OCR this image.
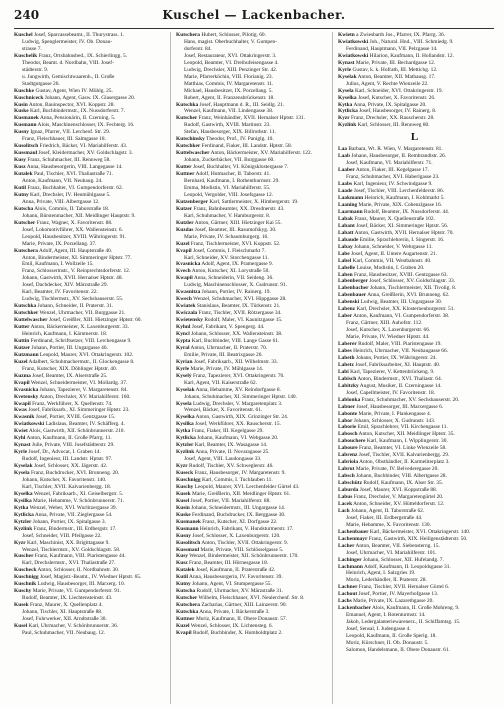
240	Kuschel — Lackenbacher.
Kuschel Josef, Sparcassebeamt., II. Thurystrass. 1.
Ludwig, Spenglermeister, IV. Ob. Donau-
strasse 7.
Kuschelik Franz, Ortsbahnsbed., IX. Schierlingg. 5.
Theodor, Beamt. d. Nordbahn, VIII. Josef-
städterstr. 9.
u. Jungwirth, Gemischtwaarenh., II. Große
Stadtgutgasse 26.
Kuschke Gustav, Agent, Wien IV. Mühlg. 25.
Kuschniceck Johann, Agent, Gasw. IX. Glasergasse 20.
Kusin Anton, Bauinspector, XVI. Koppstr. 28.
Kuske Karl, Buchbindermstr., IX. Nussdorferstr. 7.
Kusmanek Anna, Pensionärin, II. Czerning. 5.
Kusmann Alois, Maschinenschlosser, IX. Fechterg. 16.
Kusny Ignaz, Pfarrer, VII. Lerchenf. Str. 29.
Franz, Fleischhauer, III. Salmgasse 18.
Kusolitsch Friedrich, Bäcker, VI. Mariahilferstr. 43.
Kussmaul Josef, Kleidermacher, XV. Goldschlagstr. 3.
Kusy Franz, Schuhmacher, III. Rennweg 58.
Kusz Anna, Hausbesorgerin, VIII. Langegasse 14.
Kutalek Paul, Tischler, XVI. Thaliastraße 71.
Anton, Kaufmann, VII. Neubaug. 24.
Kutil Franz, Buchhalter, VI. Gumpendorferstr. 62.
Kutny Karl, Drechsler, IV. Heumühlgasse 5.
Anna, Private, VIII. Albertgasse 12.
Kutscha Alois, Commis, II. Taborstraße 18.
Johann, Bürstenmacher, XII. Meidlinger Hauptstr. 9.
Kutscher Franz, Wagner, X. Favoritenstr. 88.
Josef, Lokomotivführer, XX. Wallensteinstr. 6.
Leopold, Hausbesitzer, XVIII. Währingerstr. 91.
Marie, Private, IX. Porzellang. 37.
Kutschera Adolf, Agent, III. Hauptstraße 40.
Anton, Bindermeister, XI. Simmeringer Hptstr. 77.
Emil, Kaufmann, I. Wollzeile 15.
Franz, Schlossermstr., V. Reinprechtsdorferstr. 12.
Johann, Gastwirth, XVII. Hernalser Hptstr. 48.
Josef, Dachdecker, XIV. Märzstraße 29.
Karl, Beamter, IV. Favoritenstr. 22.
Ludwig, Tischlermstr., XV. Sechshauserstr. 55.
Kutschka Johann, Schneider, II. Praterstr. 31.
Kutschker Wenzel, Uhrmacher, VII. Burggasse 21.
Kuttelwascher Josef, Greißler, XIII. Hietzinger Hptstr. 60.
Kutter Anton, Bäckermeister, X. Laxenburgerstr. 33.
Heinrich, Kaufmann, I. Kärntnerstr. 18.
Kuttin Ferdinand, Schriftsetzer, VIII. Lerchengasse 9.
Kutzer Johann, Portier, III. Ungargasse 46.
Kutzmann Leopold, Maurer, XVI. Ottakringerstr. 102.
Kuzel Adalbert, Schuhmachermstr., II. Glockengasse 8.
Franz, Kutscher, XIX. Döblinger Hptstr. 40.
Kuzma Josef, Beamter, IX. Alserstraße 25.
Kvapil Wenzel, Schneidermeister, VI. Mollardg. 37.
Kvasnicka Johann, Tapezierer, V. Margaretenstr. 84.
Kvetensky Anton, Drechsler, XV. Mariahilferstr. 160.
Kwapil Franz, Werkführer, X. Quellenstr. 74.
Kwas Josef, Fabriksarb., XI. Simmeringer Hptstr. 23.
Kwasnik Josef, Portier, XVIII. Gentzgasse 15.
Kwiatkowski Ladislaus, Beamter, IV. Schäfferg. 4.
Kwiet Alois, Gastwirth, XII. Schönbrunnerstr. 210.
Kyhl Anton, Kaufmann, II. Große Pfarrg. 11.
Kynast Julie, Private, VIII. Josefstädterstr. 29.
Kyrle Josef, Dr., Advocat, I. Graben 14.
Rudolf, Ingenieur, III. Landstr. Hptstr. 97.
Kyselak Josef, Schlosser, XX. Jägerstr. 42.
Kysela Franz, Buchdrucker, XVI. Brunneng. 20.
Johann, Kutscher, X. Favoritenstr. 140.
Karl, Tischler, XVII. Kalvarienbergg. 18.
Kyselka Wenzel, Fabriksarb., XI. Geiselbergstr. 5.
Kysilka Marie, Hebamme, V. Schönbrunnerstr. 71.
Kytka Wenzel, Weber, XVI. Wurlitzergasse 39.
Kytlicka Anna, Private, VII. Zieglergasse 54.
Kytzler Johann, Portier, IX. Spitalgasse 3.
Kyzlink Franz, Bindermstr., III. Erdbergstr. 17.
Josef, Schneider, VIII. Pfeilgasse 22.
Kyzr Karl, Maschinist, XX. Brigittagasse 9.
Wenzel, Tischlermstr., XV. Goldschlagstr. 58.
Kuscher Franz, Kaufmann, VIII. Piaristengasse 44.
Karl, Drechslermstr., XVI. Thaliastraße 27.
Kuscheck Anton, Schlosser, II. Nordbahnstr. 30.
Kuschnigg Josef, Magistr.-Beamt., IV. Wiedner Hptstr. 65.
Kuschnik Ludwig, Hausbesorger, III. Marxerg. 10.
Kuschy Marie, Private, VI. Gumpendorferstr. 91.
Rudolf, Beamter, IX. Liechtensteinstr. 43.
Kusek Franz, Maurer, X. Quellenplatz 4.
Johann, Tischler, XI. Hauptstraße 88.
Josef, Fuhrwerker, XII. Arndtstraße 30.
Kusel Karl, Uhrmacher, V. Schönbrunnerstr. 36.
Paul, Schuhmacher, VII. Neubaug. 12.
Kutschera Hubert, Schlosser, Pilotig. 60.
Hans, magist. Oberbuchhalter, V. Gumpen-
dorferstr. 84.
Josef, Restaurateur, XVI. Ottakringerstr. 3.
Leopold, Beamter, VI. Dreihufeisengasse 4.
Ludwig, Drechsler, XIII. Penzinger Str. 42.
Marie, Pfarrerköchin, VIII. Florianig. 23.
Matthias, Commis, IV. Margaretenstr. 11.
Michael, Hausbesitzer, IX. Porzellang. 5.
Robert, Agent, II. Franzensbrückenstr. 18.
Kutschka Josef, Hauptmann d. R., III. Seidlg. 21.
Wenzel, Kaufmann, VII. Lindengasse 38.
Kutscher Franz, Weinhändler, XVII. Hernalser Hptstr. 131.
Rudolf, Gastwirth, XVIII. Martinstr. 23.
Stefan, Hausbesorger, XIX. Billrothstr. 11.
Kutschinsky Theodor, Prof., IV. Paniglg. 10.
Kutschker Ferdinand, Fiaker, III. Landstr. Hptstr. 58.
Kuttelwascher Anton, Bäckermeister, XV. Mariahilferstr. 122.
Johann, Zuckerbäcker, VII. Burggasse 60.
Kutter Josef, Buchhalter, VI. Königsklostergasse 7.
Kuttner Adolf, Hutmacher, II. Taborstr. 41.
Bernhard, Kaufmann, I. Rothenthurmstr. 29.
Emma, Modistin, VI. Mariahilferstr. 55.
Leopold, Vergolder, VIII. Josefsgasse 12.
Kutzenberger Karl, Sattlermeister, X. Himbergerstr. 19.
Kutzer Franz, Bahnbeamter, XX. Dresdnerstr. 43.
Karl, Schuhmacher, V. Hamburgerstr. 8.
Kutzler Anton, Gärtner, XIII. Hietzinger Kai 55.
Kuzdas Josef, Beamter, III. Rasumofskyg. 30.
Marie, Private, IV. Schaumburgerg. 16.
Kuzel Franz, Tischlermeister, XVI. Koppstr. 52.
Kvapil Josef, Commis, I. Fleischmarkt 7.
Karl, Schneider, XV. Storchengasse 11.
Kvasnicka Adolf, Agent, IX. Pramergasse 9.
Kvech Anton, Kutscher, XI. Lorystraße 50.
Kwapil Anna, Schneiderin, VII. Seideng. 36.
Ludwig, Maschinenschlosser, X. Gudrunstr. 91.
Kwasnitza Johann, Portier, IV. Rainerg. 19.
Kwech Wenzel, Schuhmacher, XVI. Hippgasse 28.
Kwiatek Stanislaus, Beamter, IX. Türkenstr. 21.
Kwiczala Franz, Tischler, XVII. Rötzergasse 34.
Kwietensky Rudolf, Maler, VI. Kaunitzgasse 15.
Kyhnl Josef, Fabrikant, V. Spengerg. 44.
Kyncl Johann, Schlosser, XX. Wallensteinstr. 38.
Kypta Karl, Buchbinder, VIII. Lange Gasse 61.
Kyral Anton, Uhrmacher, II. Praterstr. 70.
Emilie, Private, III. Beatrixgasse 26.
Kyrian Josef, Fabriksarb., XII. Wilhelmstr. 33.
Kyrle Marie, Private, IV. Mühlgasse 14.
Kyselý Franz, Tapezierer, XVI. Ottakringerstr. 76.
Karl, Agent, VII. Kaiserstraße 62.
Kyselak Anna, Hebamme, XV. Reindorfgasse 8.
Johann, Schuhmacher, XI. Simmeringer Hptstr. 140.
Kysela Ludwig, Drechsler, V. Margaretenplatz 3.
Wenzel, Bäcker, X. Favoritenstr. 61.
Kyselka Anton, Gastwirth, XIX. Grinzinger Str. 24.
Kysilka Josef, Werkführer, XX. Rauscherstr. 15.
Kytka Franz, Fiaker, III. Kegelgasse 29.
Kytlicka Johann, Kaufmann, VI. Webgasse 20.
Kytzler Karl, Beamter, IX. Wasagasse 14.
Kyzlink Anna, Private, II. Novaragasse 25.
Josef, Agent, VIII. Laudongasse 33.
Kyzr Rudolf, Tischler, XV. Schweglerstr. 46.
Kuseck Franz, Hausbesorger, IV. Margaretenstr. 9.
Kuschnigg Karl, Commis, I. Tuchlauben 11.
Kuschy Leopold, Maurer, XVI. Lerchenfelder Gürtel 43.
Kusek Marie, Greißlerin, XII. Meidlinger Hptstr. 61.
Kusel Josef, Portier, VII. Mariahilferstr. 88.
Kusin Johann, Schneidermstr., III. Ungargasse 14.
Kuske Ferdinand, Buchdrucker, IX. Berggasse 30.
Kusmanek Franz, Kutscher, XI. Dorfgasse 22.
Kusmann Heinrich, Fabrikant, V. Hundsturmerstr. 17.
Kusny Josef, Schlosser, X. Laxenburgerstr. 120.
Kusolitsch Anton, Tischler, XVII. Ottakringerstr. 9.
Kussmaul Marie, Private, VIII. Schlösselgasse 5.
Kusy Wenzel, Bindermeister, XII. Schönbrunnerstr. 170.
Kusz Franz, Beamter, III. Hörnesgasse 18.
Kutalek Josef, Kaufmann, II. Praterstraße 42.
Kutil Anna, Hausbesorgerin, IV. Favoritenstr. 39.
Kutny Johann, Agent, VI. Stumpergasse 55.
Kutscha Rudolf, Uhrmacher, XV. Märzstraße 31.
Kutscher Wilhelm, Fleischhauer, XVI. Neulerchenf. Str. 8.
Kutschera Zacharias, Gärtner, XIII. Lainzerstr. 90.
Kutschka Anna, Private, I. Bäckerstraße 3.
Kuttner Moriz, Kaufmann, II. Obere Donaustr. 57.
Kuzel Wenzel, Schlosser, IX. Lichtensteg. 6.
Kvapil Rudolf, Buchbinder, X. Humboldtplatz 2.
Kwietn a Zwiesbarth Jos., Pfarrer, IX. Pfarrg. 36.
Kwiatkowski Joh., Natural. Hnd., VIII. Schmiedg. 9.
Ferdinand, Hauptmann, VII. Pelzgasse 14.
Kwiatkowski Hilarion, Kaufmann, II. Hollandstr. 12.
Kynast Marie, Private, III. Bechardgasse 12.
Kyrle Gustav, k. k. Hofrath, III. Mettichg. 12.
Kyselak Anton, Beamter, XII. Mathausg. 17.
Julius, Agent, V. Rechte Wienzeile 22.
Kysela Karl, Schneider, XVI. Ottakringerstr. 19.
Kyselka Josef, Kutscher, X. Favoritenstr. 26.
Kytka Anna, Private, IX. Spitalgasse 20.
Kytlicka Josef, Hausbesorger, IV. Rainerg. 8.
Kyzr Franz, Drechsler, XX. Rauscherstr. 28.
Kyzlink Karl, Schlosser, III. Rennweg 80.
L
Laa Barbara, Wt. R. Wien, V. Margaretenstr. 81.
Laab Johann, Hausbesorger, II. Rembrandtstr. 26.
Josef, Kaufmann, VI. Mariahilferstr. 71.
Laaber Anton, Fiaker, III. Kegelgasse 17.
Franz, Schuhmacher, XVI. Haberlgasse 23.
Laabs Karl, Ingenieur, IV. Schwindgasse 9.
Laade Josef, Tischler, VIII. Lerchenfelderstr. 86.
Laakmann Heinrich, Kaufmann, I. Kohlmarkt 5.
Laaning Marie, Private, XIX. Cobenzlgasse 16.
Laarmann Rudolf, Beamter, IX. Nussdorferstr. 44.
Labak Franz, Maurer, X. Quellenstraße 102.
Labant Josef, Bäcker, XI. Simmeringer Hptstr. 56.
Labatt Anton, Gastwirth, XVII. Hernalser Hptstr. 70.
Labaude Emilie, Sprachlehrerin, I. Singerstr. 16.
Labay Johann, Schneider, V. Wehrgasse 11.
Labe Josef, Agent, II. Untere Augartenstr. 21.
Label Karl, Commis, VII. Westbahnstr. 40.
Labelle Louise, Modistin, I. Graben 20.
Laben Franz, Hausbesitzer, XVIII. Gentzgasse 63.
Labenberger Josef, Schlosser, XV. Goldschlagstr. 33.
Labenbacher Johann, Tischlermeister, XII. Tivolig. 8.
Labenbauer Anna, Greißlerin, XVI. Brunneng. 62.
Labenski Ludwig, Beamter, III. Ungargasse 30.
Labenz Karl, Drechsler, XX. Klosterneuburgerstr. 51.
Laber Anton, Kaufmann, VI. Gumpendorferstr. 38.
Franz, Gärtner, XIII. Auhofstr. 112.
Josef, Kutscher, X. Laxenburgerstr. 66.
Marie, Private, IV. Wiedner Hptstr. 44.
Laberer Rudolf, Maler, VIII. Piaristengasse 19.
Labes Heinrich, Uhrmacher, VII. Neubaugasse 66.
Labeth Johann, Portier, IX. Währingerstr. 24.
Labetz Josef, Fabriksarbeiter, XI. Hauptstr. 40.
Labi Karl, Tapezierer, V. Kettenbrückeng. 9.
Labisch Anton, Bindermstr., XVI. Thaliastr. 64.
Labitzky August, Musiker, II. Czerningasse 14.
Josef, Capellmeister, IV. Favoritenstr. 18.
Lablonka Franz, Schuhmacher, XV. Sechshauserstr. 20.
Labner Josef, Hausbesorger, III. Marxergasse 6.
Labonte Marie, Private, I. Plankengasse 4.
Labor Johann, Schlosser, X. Gudrunstr. 143.
Laborie Emil, Sprachlehrer, VII. Kirchengasse 11.
Labosch Anton, Kutscher, XII. Meidlinger Hptstr. 35.
Labouchere Karl, Kaufmann, I. Wipplingerstr. 30.
Laboure Franz, Beamter, VI. Linke Wienzeile 58.
Labrenz Josef, Tischler, XVII. Kalvarienbergg. 29.
Labriola Anton, Obsthändler, II. Karmeliterplatz 3.
Labrut Marie, Private, IV. Belvederegasse 20.
Labsch Johann, Buchbinder, VIII. Albertgasse 28.
Labschütz Rudolf, Kaufmann, IX. Alser Str. 35.
Laburda Josef, Maurer, XVI. Koppstraße 88.
Labus Franz, Drechsler, V. Margaretengürtel 20.
Lacek Anton, Schneider, XV. Hütteldorferstr. 12.
Lach Johann, Agent, II. Taborstraße 62.
Josef, Fiaker, III. Erdbergstraße 44.
Marie, Hebamme, X. Favoritenstr. 130.
Lachenbauer Karl, Bäckermeister, XVI. Ottakringerstr. 140.
Lachenmayr Franz, Gastwirth, XIX. Heiligenstädterstr. 50.
Lacher Anton, Beamter, VII. Siebensterng. 15.
Josef, Uhrmacher, VI. Mariahilferstr. 101.
Lachinger Johann, Schlosser, XII. Hufelandg. 7.
Lachmann Adolf, Kaufmann, II. Leopoldsgasse 31.
Heinrich, Agent, I. Salzgries 19.
Moriz, Lederhändler, II. Praterstr. 28.
Lachner Franz, Tischler, XVII. Hernalser Gürtel 6.
Lachout Josef, Portier, IV. Mayerhofgasse 13.
Lachs Marie, Private, IX. Lazarethgasse 20.
Lackenbacher Alois, Kaufmann, II. Große Mohreng. 9.
Emanuel, Agent, I. Rotenturmstr. 14.
Jakob, Ledergalanteriewarenerz., II. Schiffamtsg. 15.
Josef, Sensal, I. Judengasse 4.
Leopold, Kaufmann, II. Große Sperlg. 18.
Moriz, Kürschner, II. Ob. Donaustr. 5.
Salomon, Handelsmann, II. Obere Donaustr. 61.
